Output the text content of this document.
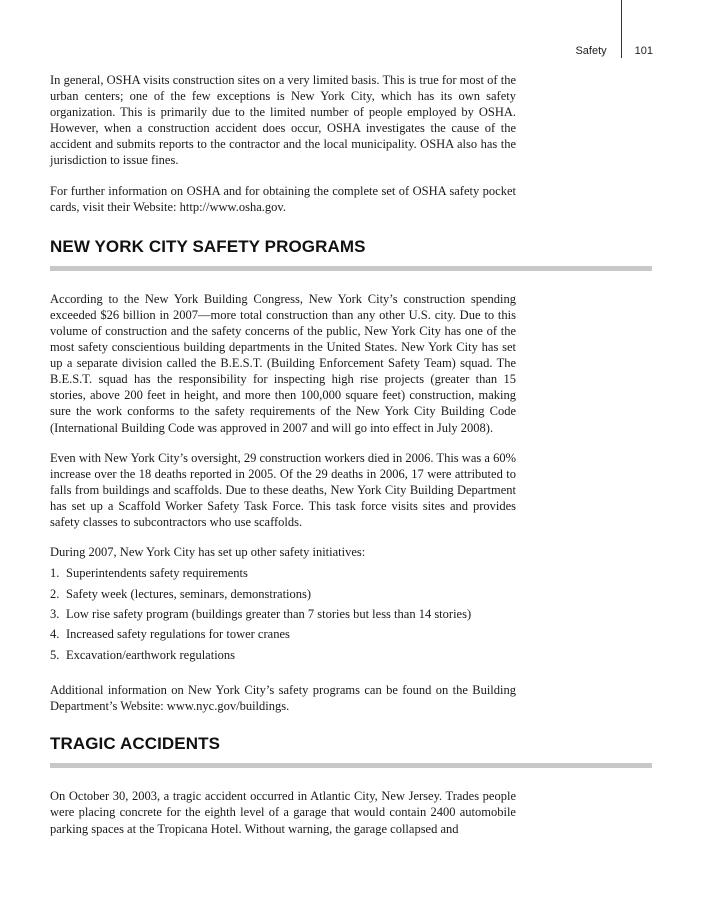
Safety	101

In general, OSHA visits construction sites on a very limited basis. This is true for most of the urban centers; one of the few exceptions is New York City, which has its own safety organization. This is primarily due to the limited number of people employed by OSHA. However, when a construction accident does occur, OSHA investigates the cause of the accident and submits reports to the contractor and the local municipality. OSHA also has the jurisdiction to issue fines.

For further information on OSHA and for obtaining the complete set of OSHA safety pocket cards, visit their Website: http://www.osha.gov.

NEW YORK CITY SAFETY PROGRAMS

According to the New York Building Congress, New York City’s construction spending exceeded $26 billion in 2007—more total construction than any other U.S. city. Due to this volume of construction and the safety concerns of the public, New York City has one of the most safety conscientious building departments in the United States. New York City has set up a separate division called the B.E.S.T. (Building Enforcement Safety Team) squad. The B.E.S.T. squad has the responsibility for inspecting high rise projects (greater than 15 stories, above 200 feet in height, and more then 100,000 square feet) construction, making sure the work conforms to the safety requirements of the New York City Building Code (International Building Code was approved in 2007 and will go into effect in July 2008).

Even with New York City’s oversight, 29 construction workers died in 2006. This was a 60% increase over the 18 deaths reported in 2005. Of the 29 deaths in 2006, 17 were attributed to falls from buildings and scaffolds. Due to these deaths, New York City Building Department has set up a Scaffold Worker Safety Task Force. This task force visits sites and provides safety classes to subcontractors who use scaffolds.

During 2007, New York City has set up other safety initiatives:

1. Superintendents safety requirements
2. Safety week (lectures, seminars, demonstrations)
3. Low rise safety program (buildings greater than 7 stories but less than 14 stories)
4. Increased safety regulations for tower cranes
5. Excavation/earthwork regulations

Additional information on New York City’s safety programs can be found on the Building Department’s Website: www.nyc.gov/buildings.

TRAGIC ACCIDENTS

On October 30, 2003, a tragic accident occurred in Atlantic City, New Jersey. Trades people were placing concrete for the eighth level of a garage that would contain 2400 automobile parking spaces at the Tropicana Hotel. Without warning, the garage collapsed and
